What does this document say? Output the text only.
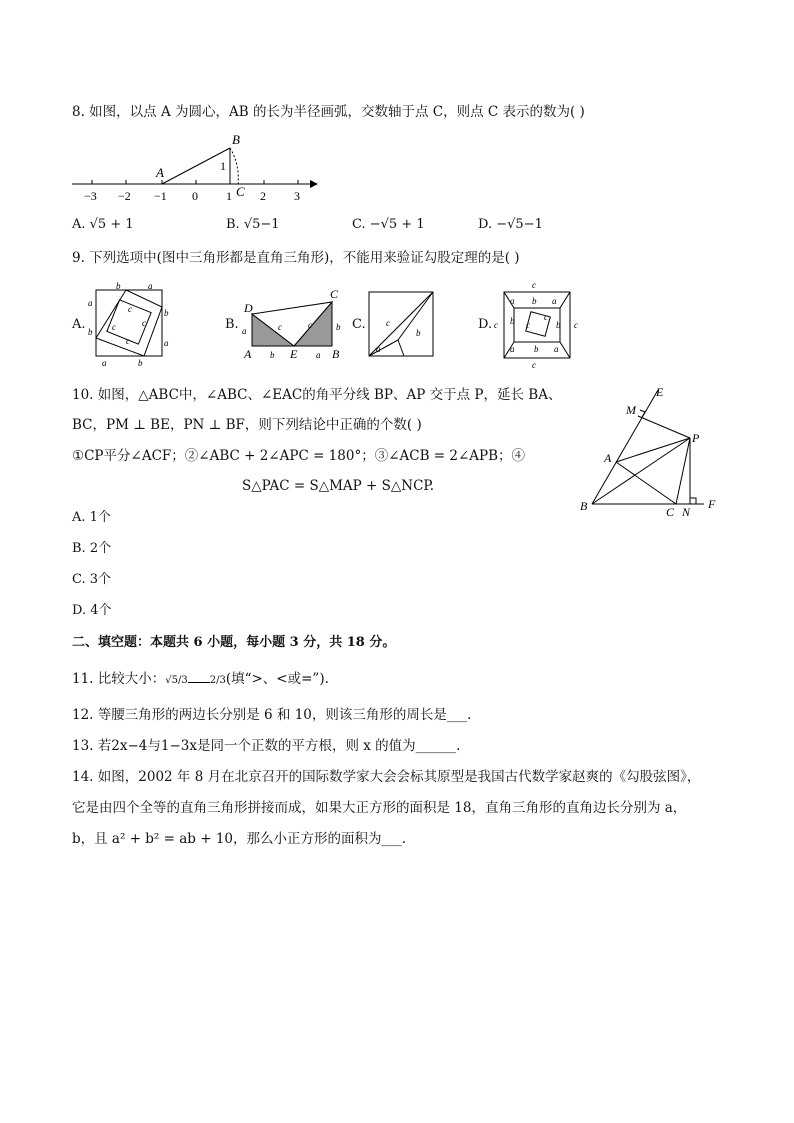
8. 如图，以点 A 为圆心，AB 的长为半径画弧，交数轴于点 C，则点 C 表示的数为( )
B
A	1
C
−3 −2 −1 0 1 2 3
A. √5 + 1	B. √5−1	C. −√5 + 1	D. −√5−1
9. 下列选项中(图中三角形都是直角三角形)，不能用来验证勾股定理的是( )
A.
b	a
a
b
b
a
a	b
c
c	c
c
B.
D
C
A	E	B
b	a
a	b
c	c	C. c
b
a
D.
c
c
c	c
a b a
b	b
a b a
c
c
10. 如图，△ABC中，∠ABC、∠EAC的角平分线 BP、AP 交于点 P，延长 BA、
BC，PM ⊥ BE，PN ⊥ BF，则下列结论中正确的个数( )
①CP平分∠ACF；②∠ABC + 2∠APC = 180°；③∠ACB = 2∠APB；④
S△PAC = S△MAP + S△NCP.
E
M
P
A
B	C N
F
A. 1个
B. 2个
C. 3个
D. 4个
二、填空题：本题共 6 小题，每小题 3 分，共 18 分。
11. 比较大小：√5/3 2/3(填“>、<或=”).
12. 等腰三角形的两边长分别是 6 和 10，则该三角形的周长是___.
13. 若2x−4与1−3x是同一个正数的平方根，则 x 的值为______.
14. 如图，2002 年 8 月在北京召开的国际数学家大会会标其原型是我国古代数学家赵爽的《勾股弦图》，
它是由四个全等的直角三角形拼接而成，如果大正方形的面积是 18，直角三角形的直角边长分别为 a，
b，且 a² + b² = ab + 10，那么小正方形的面积为___.
